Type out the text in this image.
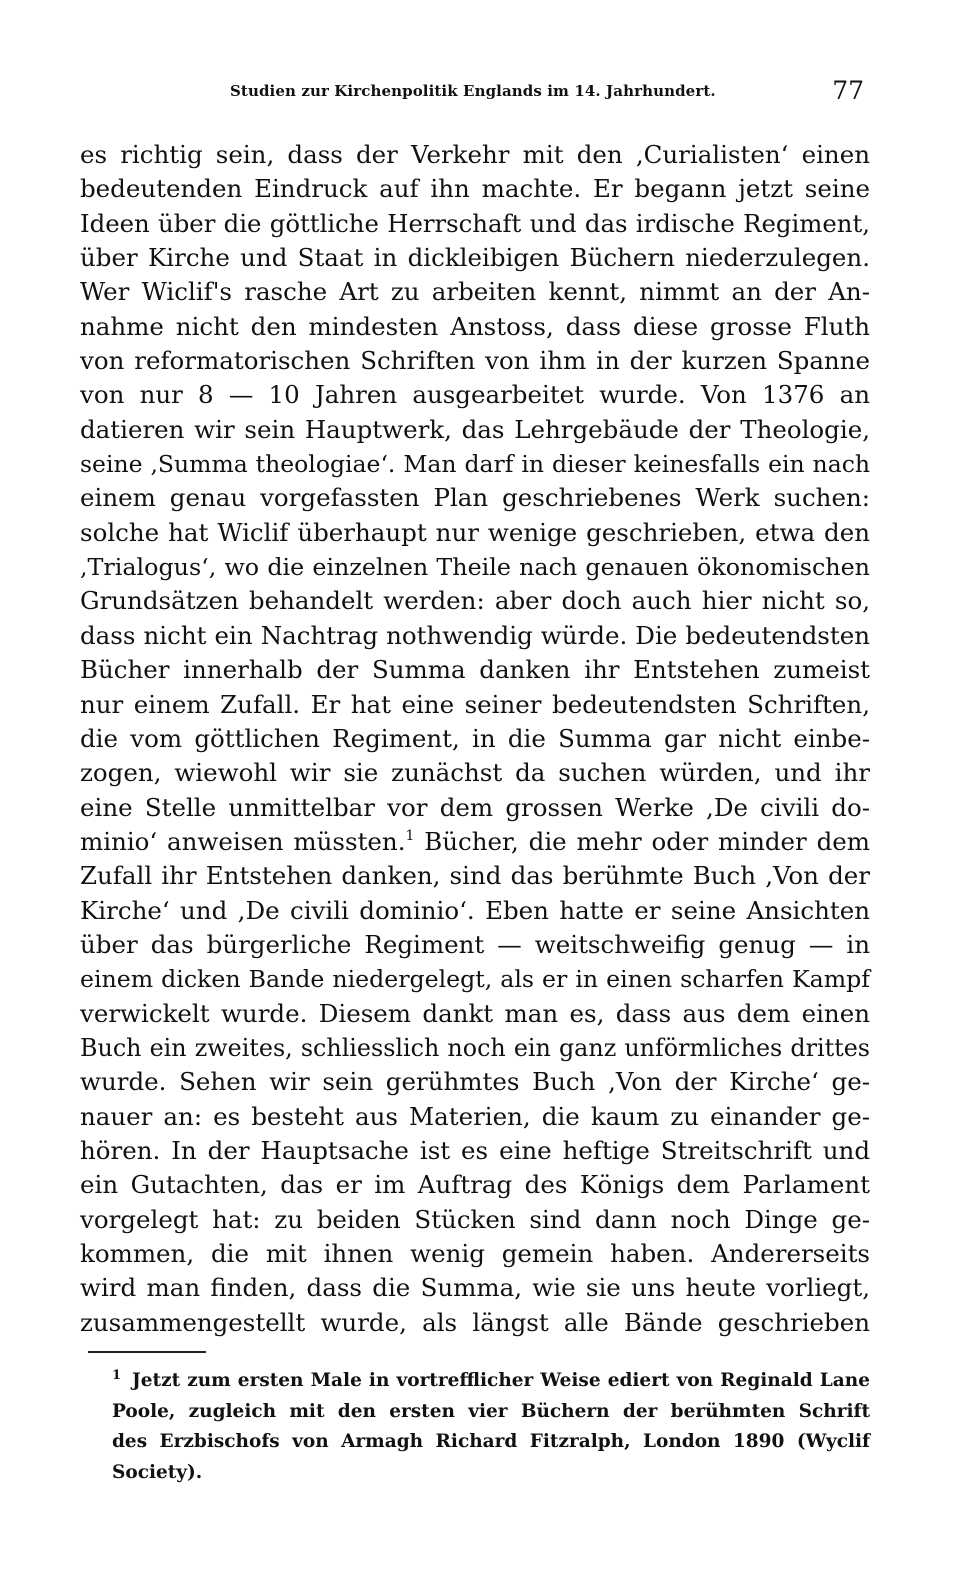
Studien zur Kirchenpolitik Englands im 14. Jahrhundert.	77
es richtig sein, dass der Verkehr mit den ,Curialisten‘ einen
bedeutenden Eindruck auf ihn machte. Er begann jetzt seine
Ideen über die göttliche Herrschaft und das irdische Regiment,
über Kirche und Staat in dickleibigen Büchern niederzulegen.
Wer Wiclif's rasche Art zu arbeiten kennt, nimmt an der An-
nahme nicht den mindesten Anstoss, dass diese grosse Fluth
von reformatorischen Schriften von ihm in der kurzen Spanne
von nur 8 — 10 Jahren ausgearbeitet wurde. Von 1376 an
datieren wir sein Hauptwerk, das Lehrgebäude der Theologie,
seine ,Summa theologiae‘. Man darf in dieser keinesfalls ein nach
einem genau vorgefassten Plan geschriebenes Werk suchen:
solche hat Wiclif überhaupt nur wenige geschrieben, etwa den
,Trialogus‘, wo die einzelnen Theile nach genauen ökonomischen
Grundsätzen behandelt werden: aber doch auch hier nicht so,
dass nicht ein Nachtrag nothwendig würde. Die bedeutendsten
Bücher innerhalb der Summa danken ihr Entstehen zumeist
nur einem Zufall. Er hat eine seiner bedeutendsten Schriften,
die vom göttlichen Regiment, in die Summa gar nicht einbe-
zogen, wiewohl wir sie zunächst da suchen würden, und ihr
eine Stelle unmittelbar vor dem grossen Werke ,De civili do-
minio‘ anweisen müssten.$^1$ Bücher, die mehr oder minder dem
Zufall ihr Entstehen danken, sind das berühmte Buch ,Von der
Kirche‘ und ,De civili dominio‘. Eben hatte er seine Ansichten
über das bürgerliche Regiment — weitschweifig genug — in
einem dicken Bande niedergelegt, als er in einen scharfen Kampf
verwickelt wurde. Diesem dankt man es, dass aus dem einen
Buch ein zweites, schliesslich noch ein ganz unförmliches drittes
wurde. Sehen wir sein gerühmtes Buch ,Von der Kirche‘ ge-
nauer an: es besteht aus Materien, die kaum zu einander ge-
hören. In der Hauptsache ist es eine heftige Streitschrift und
ein Gutachten, das er im Auftrag des Königs dem Parlament
vorgelegt hat: zu beiden Stücken sind dann noch Dinge ge-
kommen, die mit ihnen wenig gemein haben. Andererseits
wird man finden, dass die Summa, wie sie uns heute vorliegt,
zusammengestellt wurde, als längst alle Bände geschrieben
1 Jetzt zum ersten Male in vortrefflicher Weise ediert von Reginald Lane
Poole, zugleich mit den ersten vier Büchern der berühmten Schrift
des Erzbischofs von Armagh Richard Fitzralph, London 1890 (Wyclif
Society).
